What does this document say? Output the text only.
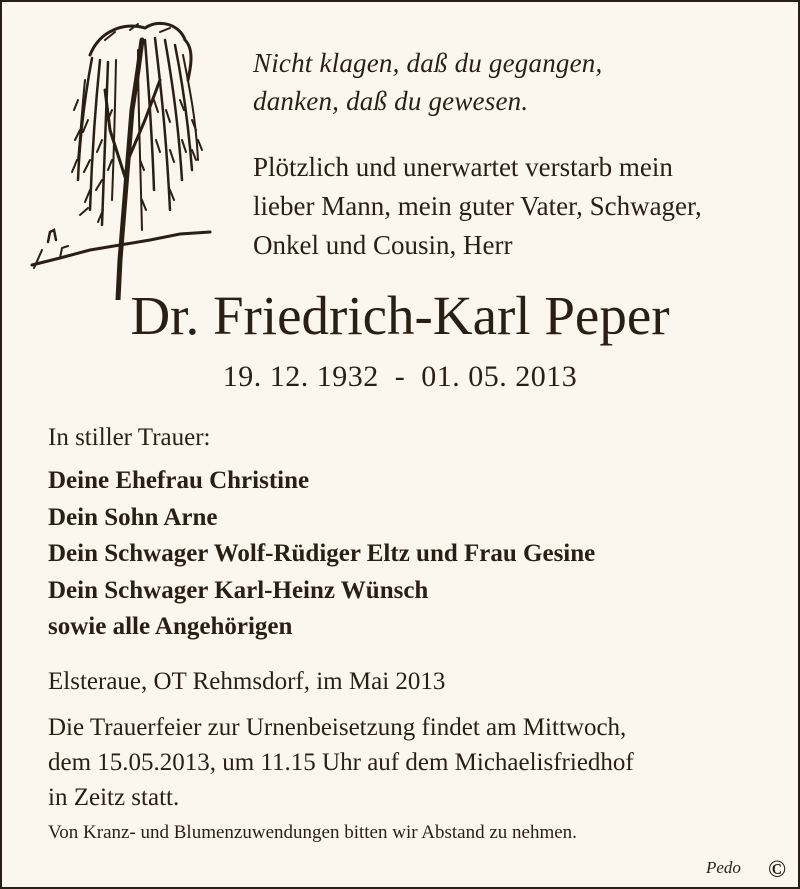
Nicht klagen, daß du gegangen,
danken, daß du gewesen.
Plötzlich und unerwartet verstarb mein
lieber Mann, mein guter Vater, Schwager,
Onkel und Cousin, Herr
Dr. Friedrich-Karl Peper
19. 12. 1932  -  01. 05. 2013
In stiller Trauer:
Deine Ehefrau Christine
Dein Sohn Arne
Dein Schwager Wolf-Rüdiger Eltz und Frau Gesine
Dein Schwager Karl-Heinz Wünsch
sowie alle Angehörigen
Elsteraue, OT Rehmsdorf, im Mai 2013
Die Trauerfeier zur Urnenbeisetzung findet am Mittwoch,
dem 15.05.2013, um 11.15 Uhr auf dem Michaelisfriedhof
in Zeitz statt.
Von Kranz- und Blumenzuwendungen bitten wir Abstand zu nehmen.
Pedo ©
